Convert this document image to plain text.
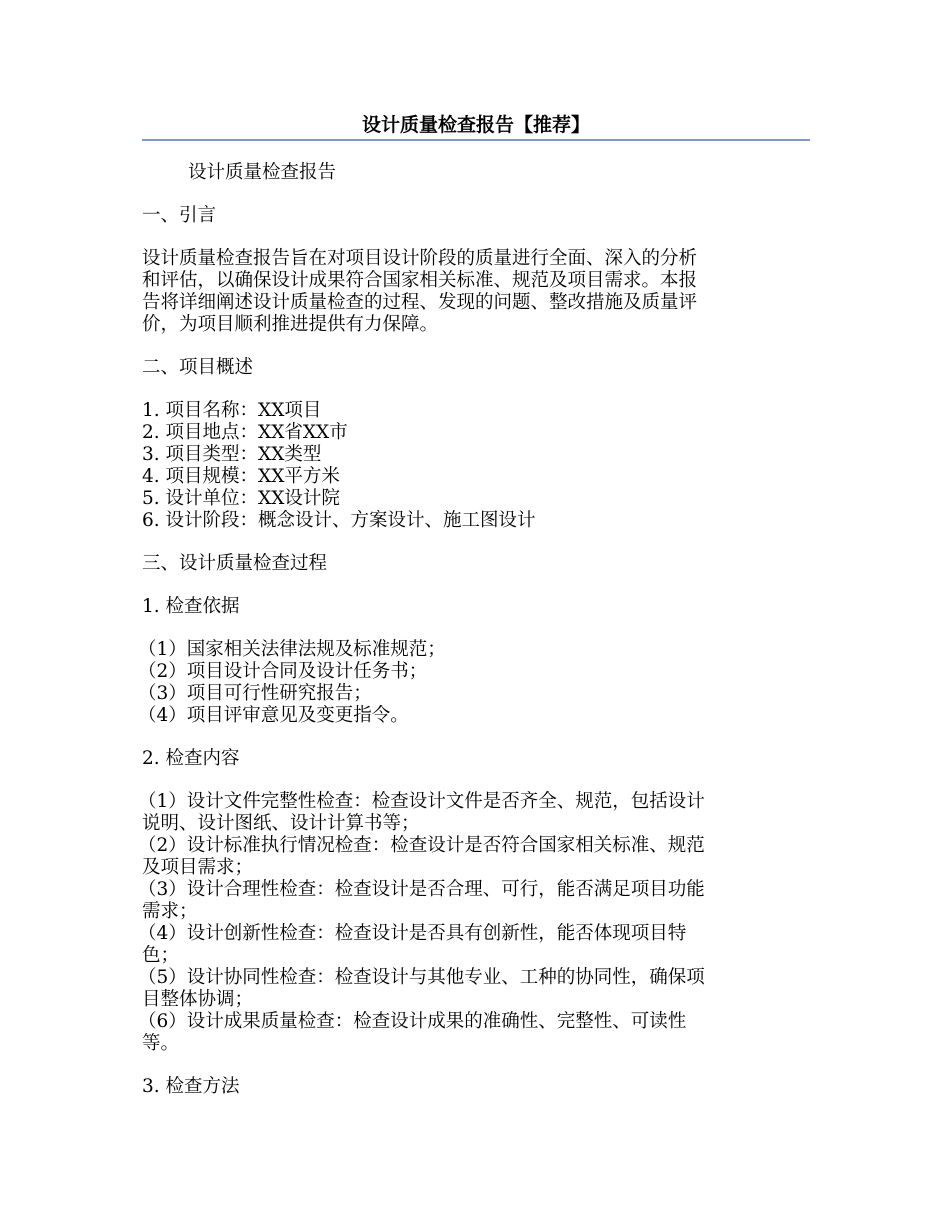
设计质量检查报告【推荐】

设计质量检查报告

一、引言

设计质量检查报告旨在对项目设计阶段的质量进行全面、深入的分析
和评估，以确保设计成果符合国家相关标准、规范及项目需求。本报
告将详细阐述设计质量检查的过程、发现的问题、整改措施及质量评
价，为项目顺利推进提供有力保障。

二、项目概述

1. 项目名称：XX项目
2. 项目地点：XX省XX市
3. 项目类型：XX类型
4. 项目规模：XX平方米
5. 设计单位：XX设计院
6. 设计阶段：概念设计、方案设计、施工图设计

三、设计质量检查过程

1. 检查依据

（1）国家相关法律法规及标准规范；
（2）项目设计合同及设计任务书；
（3）项目可行性研究报告；
（4）项目评审意见及变更指令。

2. 检查内容

（1）设计文件完整性检查：检查设计文件是否齐全、规范，包括设计
说明、设计图纸、设计计算书等；
（2）设计标准执行情况检查：检查设计是否符合国家相关标准、规范
及项目需求；
（3）设计合理性检查：检查设计是否合理、可行，能否满足项目功能
需求；
（4）设计创新性检查：检查设计是否具有创新性，能否体现项目特
色；
（5）设计协同性检查：检查设计与其他专业、工种的协同性，确保项
目整体协调；
（6）设计成果质量检查：检查设计成果的准确性、完整性、可读性
等。

3. 检查方法
